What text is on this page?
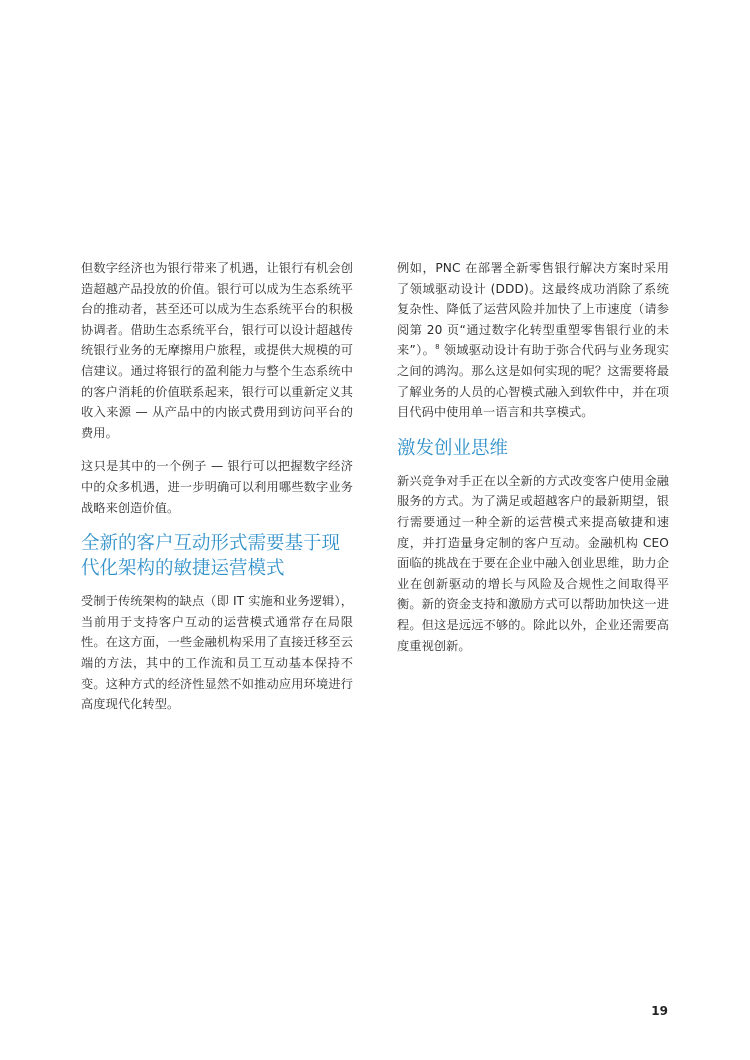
但数字经济也为银行带来了机遇，让银行有机会创造超越产品投放的价值。银行可以成为生态系统平台的推动者，甚至还可以成为生态系统平台的积极协调者。借助生态系统平台，银行可以设计超越传统银行业务的无摩擦用户旅程，或提供大规模的可信建议。通过将银行的盈利能力与整个生态系统中的客户消耗的价值联系起来，银行可以重新定义其收入来源 — 从产品中的内嵌式费用到访问平台的费用。

这只是其中的一个例子 — 银行可以把握数字经济中的众多机遇，进一步明确可以利用哪些数字业务战略来创造价值。

全新的客户互动形式需要基于现代化架构的敏捷运营模式

受制于传统架构的缺点（即 IT 实施和业务逻辑），当前用于支持客户互动的运营模式通常存在局限性。在这方面，一些金融机构采用了直接迁移至云端的方法，其中的工作流和员工互动基本保持不变。这种方式的经济性显然不如推动应用环境进行高度现代化转型。

例如，PNC 在部署全新零售银行解决方案时采用了领域驱动设计 (DDD)。这最终成功消除了系统复杂性、降低了运营风险并加快了上市速度（请参阅第 20 页“通过数字化转型重塑零售银行业的未来”）。$^8$ 领域驱动设计有助于弥合代码与业务现实之间的鸿沟。那么这是如何实现的呢？这需要将最了解业务的人员的心智模式融入到软件中，并在项目代码中使用单一语言和共享模式。

激发创业思维

新兴竞争对手正在以全新的方式改变客户使用金融服务的方式。为了满足或超越客户的最新期望，银行需要通过一种全新的运营模式来提高敏捷和速度，并打造量身定制的客户互动。金融机构 CEO 面临的挑战在于要在企业中融入创业思维，助力企业在创新驱动的增长与风险及合规性之间取得平衡。新的资金支持和激励方式可以帮助加快这一进程。但这是远远不够的。除此以外，企业还需要高度重视创新。

19
